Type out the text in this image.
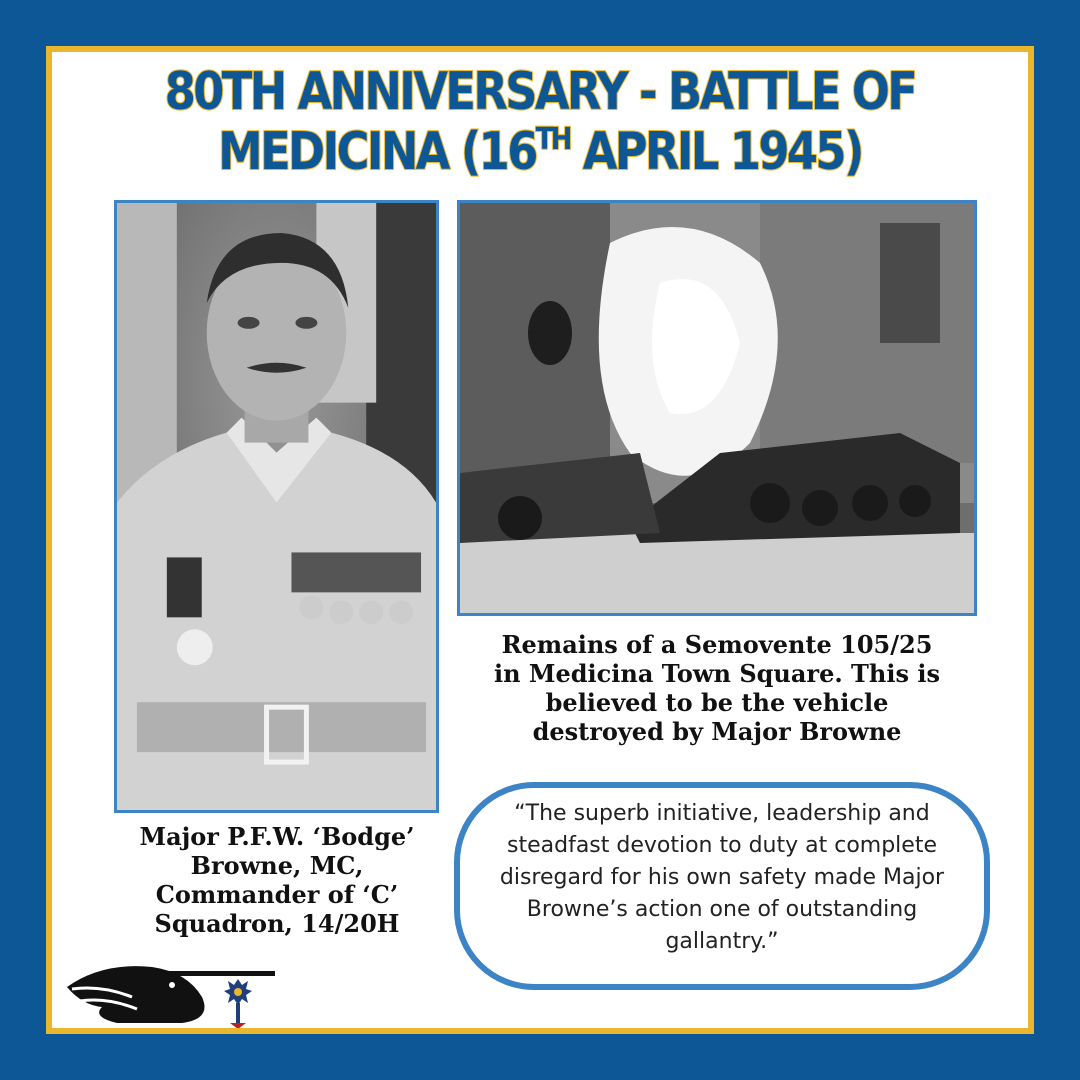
80TH ANNIVERSARY - BATTLE OF
MEDICINA (16TH APRIL 1945)

Remains of a Semovente 105/25
in Medicina Town Square. This is
believed to be the vehicle
destroyed by Major Browne

Major P.F.W. ‘Bodge’
Browne, MC,
Commander of ‘C’
Squadron, 14/20H

“The superb initiative, leadership and
steadfast devotion to duty at complete
disregard for his own safety made Major
Browne’s action one of outstanding
gallantry.”
